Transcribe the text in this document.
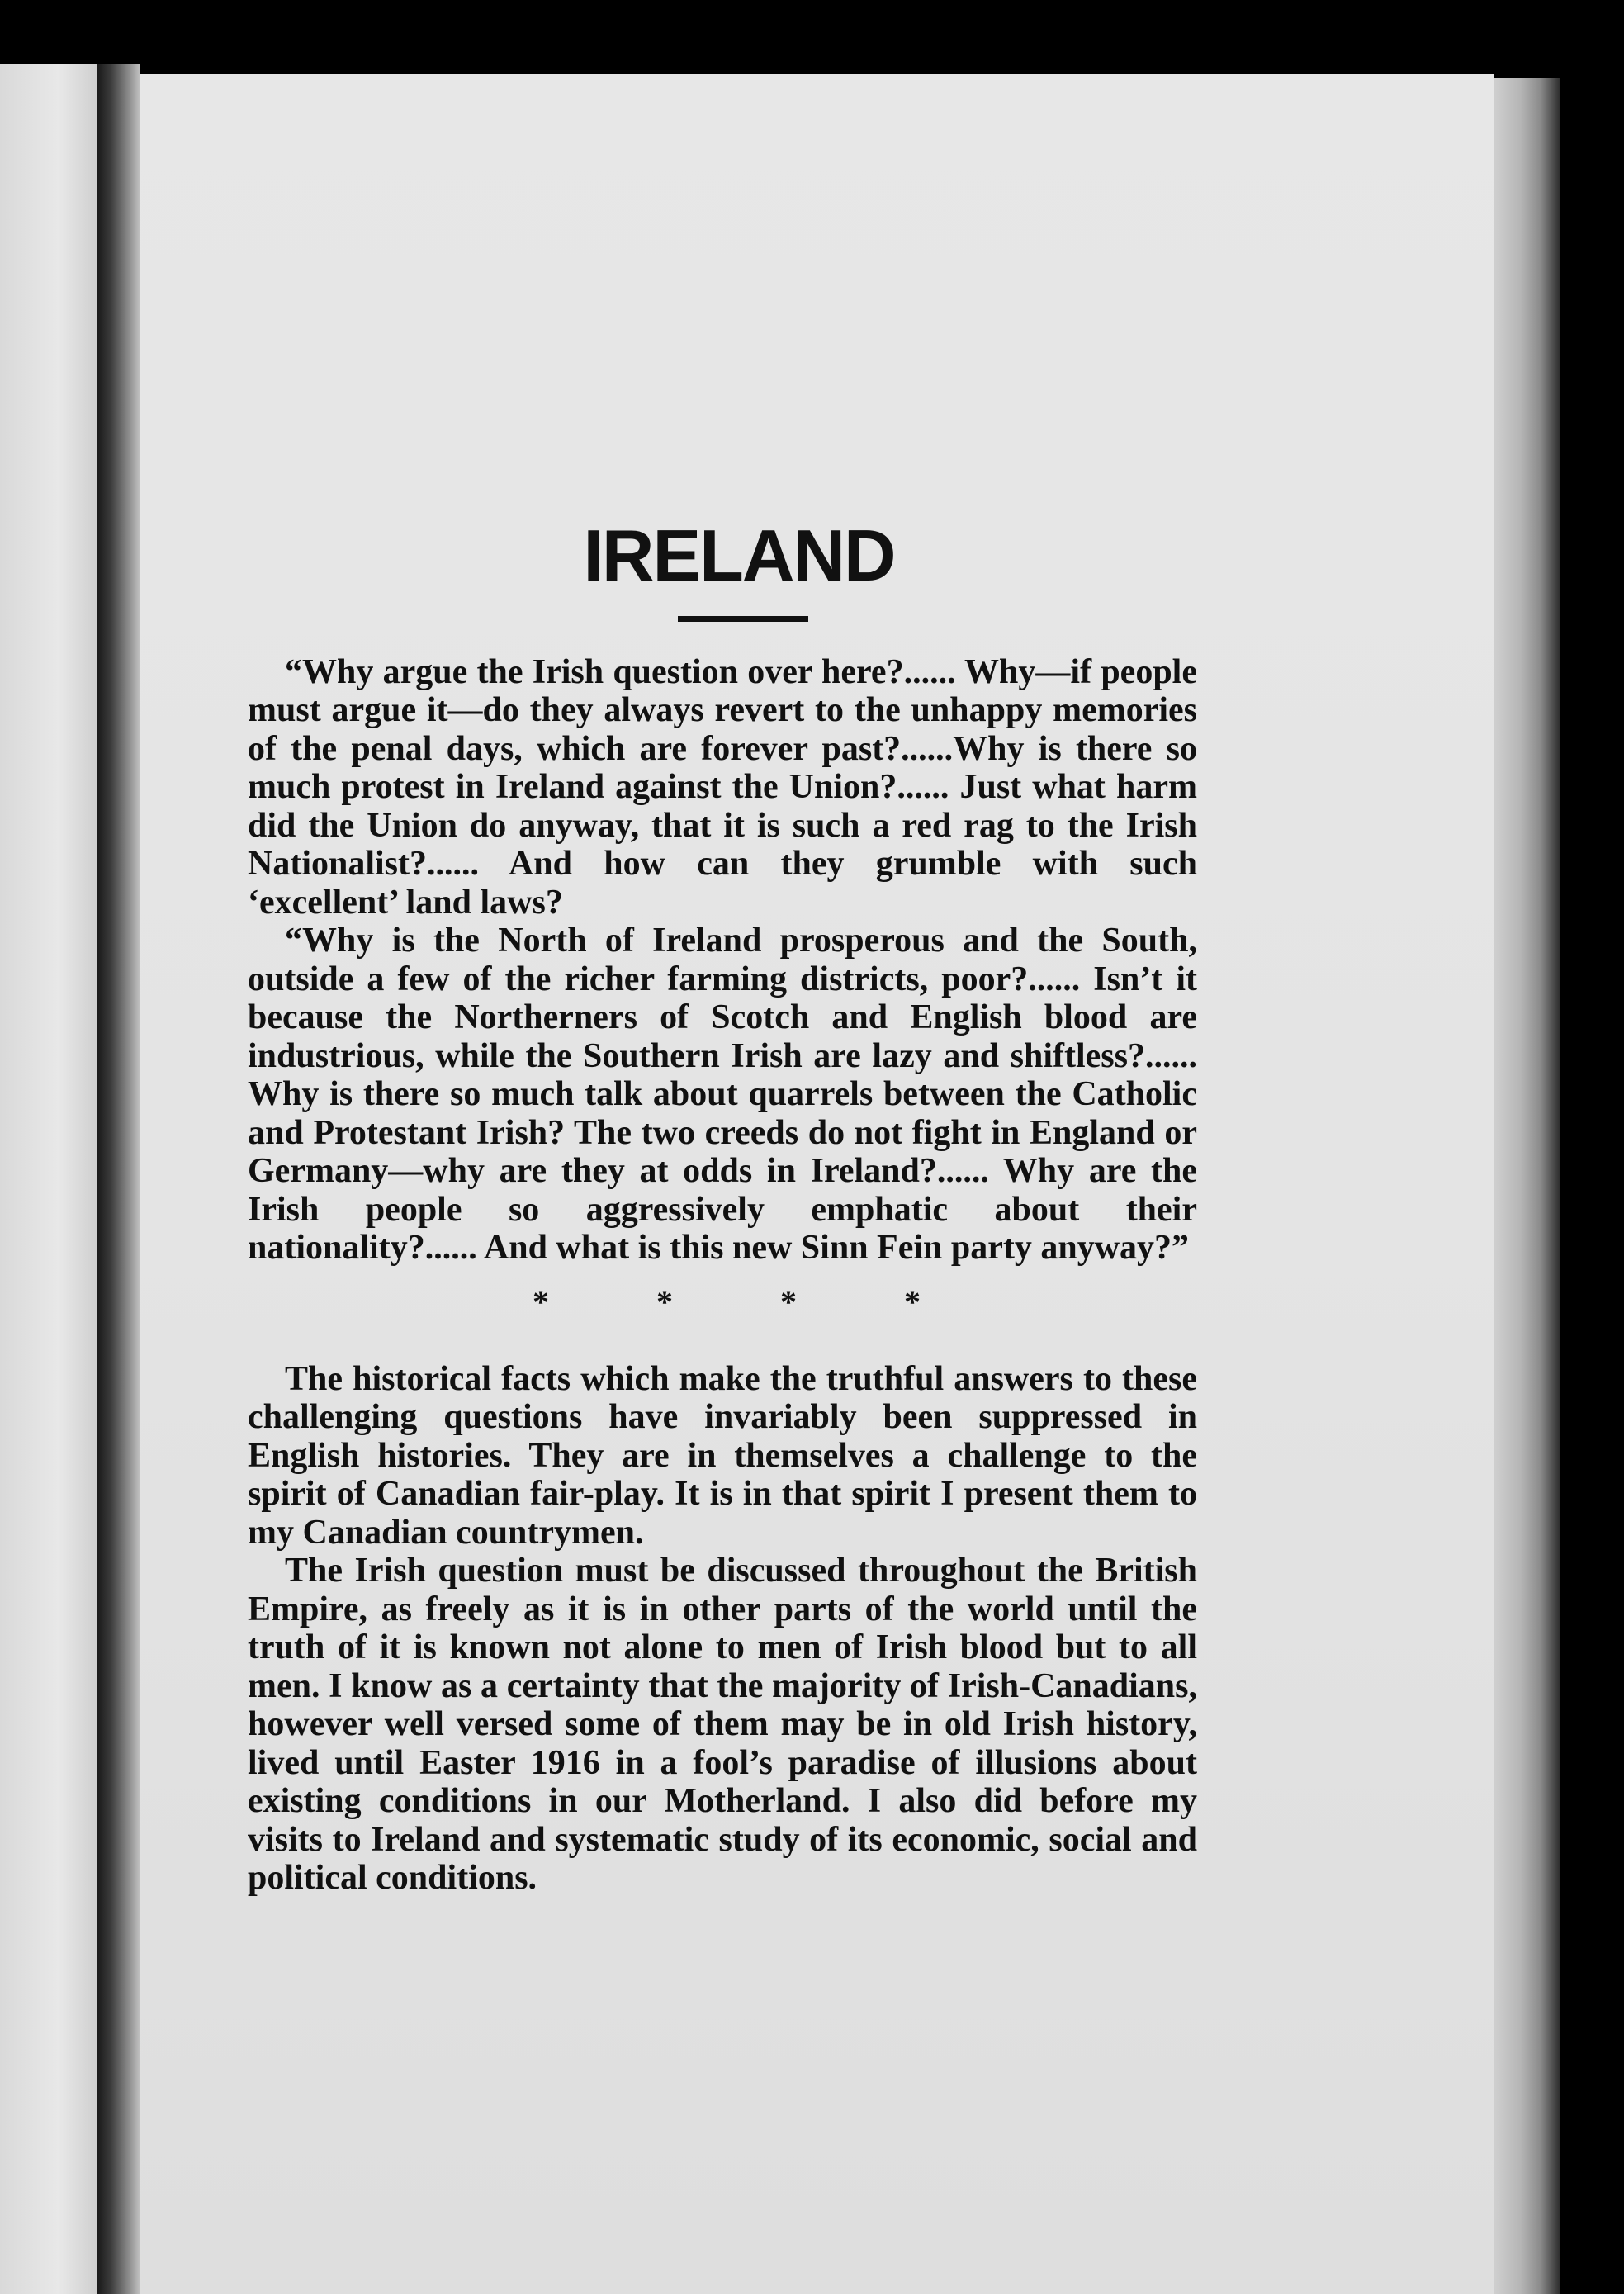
IRELAND

“Why argue the Irish question over here?...... Why—if people must argue it—do they always revert to the unhappy memories of the penal days, which are forever past?......Why is there so much protest in Ireland against the Union?...... Just what harm did the Union do anyway, that it is such a red rag to the Irish Nationalist?...... And how can they grumble with such ‘excellent’ land laws?

“Why is the North of Ireland prosperous and the South, outside a few of the richer farming districts, poor?...... Isn’t it because the Northerners of Scotch and English blood are industrious, while the Southern Irish are lazy and shiftless?...... Why is there so much talk about quarrels between the Catholic and Protestant Irish? The two creeds do not fight in England or Germany—why are they at odds in Ireland?...... Why are the Irish people so aggressively emphatic about their nationality?...... And what is this new Sinn Fein party anyway?”

* * * *

The historical facts which make the truthful answers to these challenging questions have invariably been suppressed in English histories. They are in themselves a challenge to the spirit of Canadian fair-play. It is in that spirit I present them to my Canadian countrymen.

The Irish question must be discussed throughout the British Empire, as freely as it is in other parts of the world until the truth of it is known not alone to men of Irish blood but to all men. I know as a certainty that the majority of Irish-Canadians, however well versed some of them may be in old Irish history, lived until Easter 1916 in a fool’s paradise of illusions about existing conditions in our Motherland. I also did before my visits to Ireland and systematic study of its economic, social and political conditions.
